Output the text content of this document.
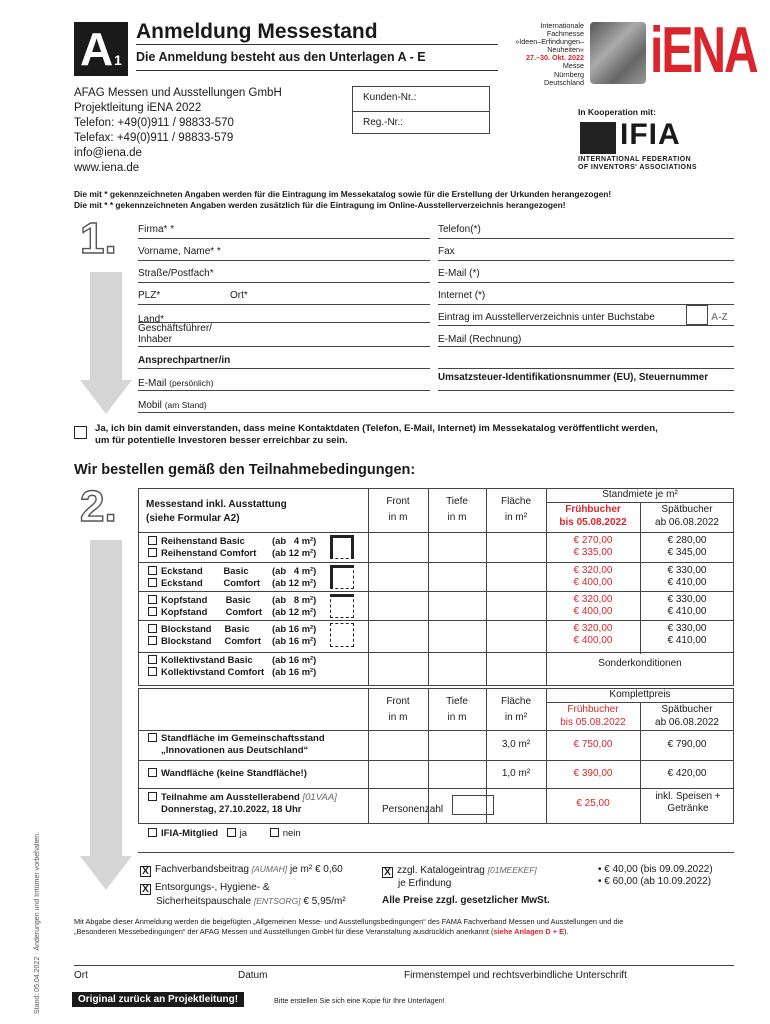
A 1
Anmeldung Messestand
Die Anmeldung besteht aus den Unterlagen A - E
Internationale
Fachmesse
»Ideen–Erfindungen–
Neuheiten«
27.–30. Okt. 2022
Messe
Nürnberg
Deutschland iENA
AFAG Messen und Ausstellungen GmbH
Projektleitung iENA 2022
Telefon: +49(0)911 / 98833-570
Telefax: +49(0)911 / 98833-579
info@iena.de
www.iena.de
Kunden-Nr.:
Reg.-Nr.:
In Kooperation mit:
IFIA
INTERNATIONAL FEDERATION
OF INVENTORS' ASSOCIATIONS
Die mit * gekennzeichneten Angaben werden für die Eintragung im Messekatalog sowie für die Erstellung der Urkunden herangezogen!
Die mit * * gekennzeichneten Angaben werden zusätzlich für die Eintragung im Online-Ausstellerverzeichnis herangezogen!
1. Firma* *
Vorname, Name* *
Straße/Postfach*
PLZ*	Ort*
Land*
Geschäftsführer/
Inhaber
Ansprechpartner/in
E-Mail (persönlich)
Telefon(*)
Fax
E-Mail (*)
Internet (*)
Eintrag im Ausstellerverzeichnis unter Buchstabe	A-Z
E-Mail (Rechnung)
Umsatzsteuer-Identifikationsnummer (EU), Steuernummer
Mobil (am Stand)
Ja, ich bin damit einverstanden, dass meine Kontaktdaten (Telefon, E-Mail, Internet) im Messekatalog veröffentlicht werden,
um für potentielle Investoren besser erreichbar zu sein.
Wir bestellen gemäß den Teilnahmebedingungen:
2.	Messestand inkl. Ausstattung
(siehe Formular A2)
Front
in m
Tiefe
in m
Fläche
in m²
Standmiete je m²
Frühbucher
bis 05.08.2022
Spätbucher
ab 06.08.2022
Reihenstand Basic	(ab   4 m²)	€ 270,00	€ 280,00
Reihenstand Comfort (ab 12 m²)	€ 335,00	€ 345,00
Eckstand        Basic (ab   4 m²)	€ 320,00	€ 330,00
Eckstand        Comfort (ab 12 m²)	€ 400,00	€ 410,00
Kopfstand       Basic (ab   8 m²)	€ 320,00	€ 330,00
Kopfstand       Comfort (ab 12 m²)	€ 400,00	€ 410,00
Blockstand     Basic (ab 16 m²)	€ 320,00	€ 330,00
Blockstand     Comfort (ab 16 m²)	€ 400,00	€ 410,00
Kollektivstand Basic (ab 16 m²)
Kollektivstand Comfort (ab 16 m²)
Sonderkonditionen
Front
in m
Tiefe
in m
Fläche
in m²
Komplettpreis
Frühbucher
bis 05.08.2022
Spätbucher
ab 06.08.2022
Standfläche im Gemeinschaftsstand
„Innovationen aus Deutschland“
3,0 m²	€ 750,00	€ 790,00
Wandfläche (keine Standfläche!)	1,0 m²	€ 390,00	€ 420,00
Teilnahme am Ausstellerabend [01VAA]
Donnerstag, 27.10.2022, 18 Uhr	Personenzahl
€ 25,00
inkl. Speisen +
Getränke
IFIA-Mitglied ja	nein
X Fachverbandsbeitrag [AUMAH] je m² € 0,60
X Entsorgungs-, Hygiene- &
Sicherheitspauschale [ENTSORG] € 5,95/m²
X zzgl. Katalogeintrag [01MEEKEF]
je Erfindung
Alle Preise zzgl. gesetzlicher MwSt.
• € 40,00 (bis 09.09.2022)
• € 60,00 (ab 10.09.2022)
Mit Abgabe dieser Anmeldung werden die beigefügten „Allgemeinen Messe- und Ausstellungsbedingungen“ des FAMA Fachverband Messen und Ausstellungen und die
„Besonderen Messebedingungen“ der AFAG Messen und Ausstellungen GmbH für diese Veranstaltung ausdrücklich anerkannt (siehe Anlagen D + E).
Ort	Datum	Firmenstempel und rechtsverbindliche Unterschrift
Original zurück an Projektleitung!	Bitte erstellen Sie sich eine Kopie für Ihre Unterlagen!
Stand: 05.04.2022 · Änderungen und Irrtümer vorbehalten.
